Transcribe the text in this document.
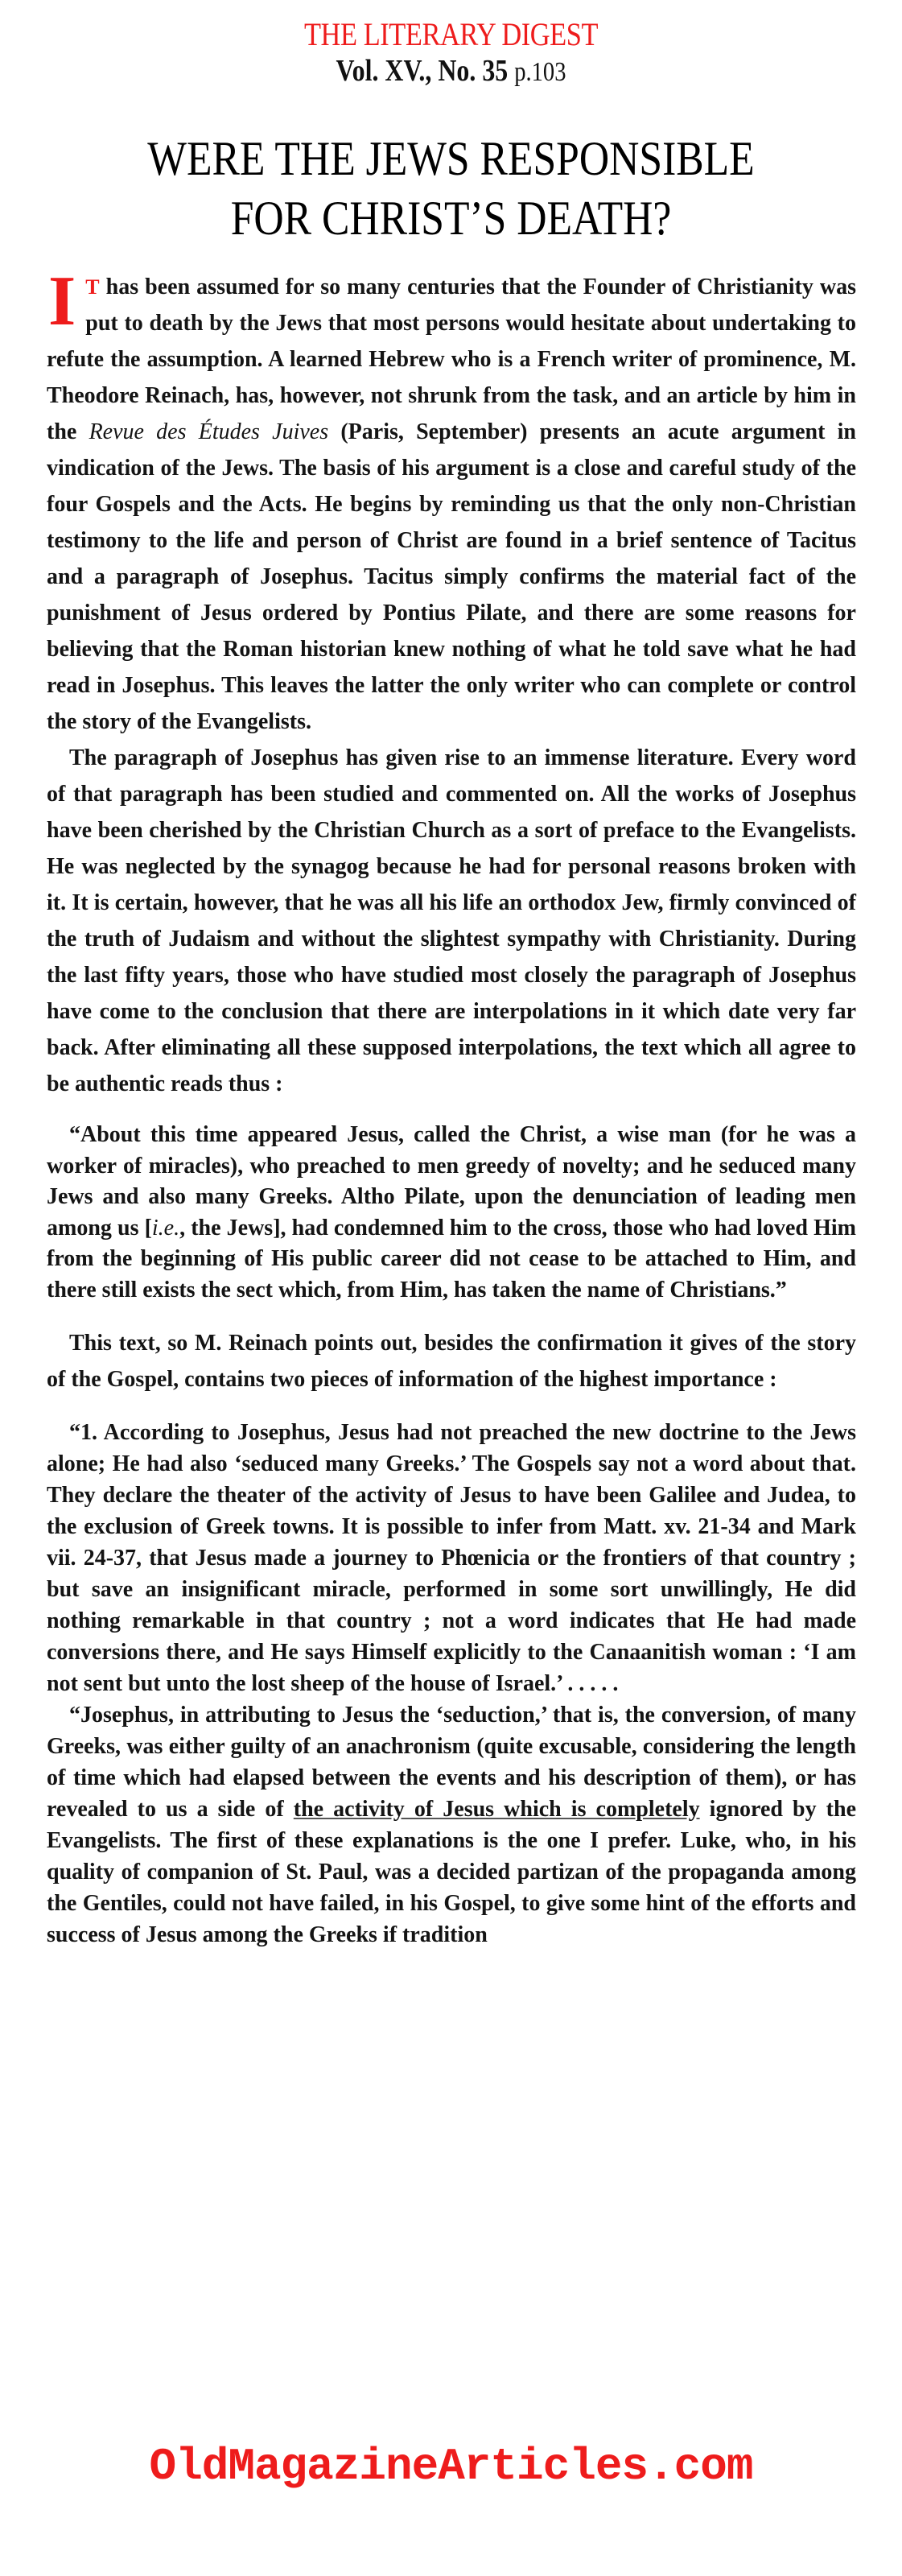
THE LITERARY DIGEST
Vol. XV., No. 35 p.103
WERE THE JEWS RESPONSIBLE
FOR CHRIST’S DEATH?

I T has been assumed for so many centuries that the Founder of Christianity was put to death by the Jews that most persons would hesitate about undertaking to refute the assumption. A learned Hebrew who is a French writer of prominence, M. Theodore Reinach, has, however, not shrunk from the task, and an article by him in the Revue des Études Juives (Paris, September) presents an acute argument in vindication of the Jews. The basis of his argument is a close and careful study of the four Gospels and the Acts. He begins by reminding us that the only non-Christian testimony to the life and person of Christ are found in a brief sentence of Tacitus and a paragraph of Josephus. Tacitus simply confirms the material fact of the punishment of Jesus ordered by Pontius Pilate, and there are some reasons for believing that the Roman historian knew nothing of what he told save what he had read in Josephus. This leaves the latter the only writer who can complete or control the story of the Evangelists.

The paragraph of Josephus has given rise to an immense literature. Every word of that paragraph has been studied and commented on. All the works of Josephus have been cherished by the Christian Church as a sort of preface to the Evangelists. He was neglected by the synagog because he had for personal reasons broken with it. It is certain, however, that he was all his life an orthodox Jew, firmly convinced of the truth of Judaism and without the slightest sympathy with Christianity. During the last fifty years, those who have studied most closely the paragraph of Josephus have come to the conclusion that there are interpolations in it which date very far back. After eliminating all these supposed interpolations, the text which all agree to be authentic reads thus :

“About this time appeared Jesus, called the Christ, a wise man (for he was a worker of miracles), who preached to men greedy of novelty; and he seduced many Jews and also many Greeks. Altho Pilate, upon the denunciation of leading men among us [i.e., the Jews], had condemned him to the cross, those who had loved Him from the beginning of His public career did not cease to be attached to Him, and there still exists the sect which, from Him, has taken the name of Christians.”

This text, so M. Reinach points out, besides the confirmation it gives of the story of the Gospel, contains two pieces of information of the highest importance :

“1. According to Josephus, Jesus had not preached the new doctrine to the Jews alone; He had also ‘seduced many Greeks.’ The Gospels say not a word about that. They declare the theater of the activity of Jesus to have been Galilee and Judea, to the exclusion of Greek towns. It is possible to infer from Matt. xv. 21-34 and Mark vii. 24-37, that Jesus made a journey to Phœnicia or the frontiers of that country ; but save an insignificant miracle, performed in some sort unwillingly, He did nothing remarkable in that country ; not a word indicates that He had made conversions there, and He says Himself explicitly to the Canaanitish woman : ‘I am not sent but unto the lost sheep of the house of Israel.’ . . . . .

“Josephus, in attributing to Jesus the ‘seduction,’ that is, the conversion, of many Greeks, was either guilty of an anachronism (quite excusable, considering the length of time which had elapsed between the events and his description of them), or has revealed to us a side of the activity of Jesus which is completely ignored by the Evangelists. The first of these explanations is the one I prefer. Luke, who, in his quality of companion of St. Paul, was a decided partizan of the propaganda among the Gentiles, could not have failed, in his Gospel, to give some hint of the efforts and success of Jesus among the Greeks if tradition

OldMagazineArticles.com
